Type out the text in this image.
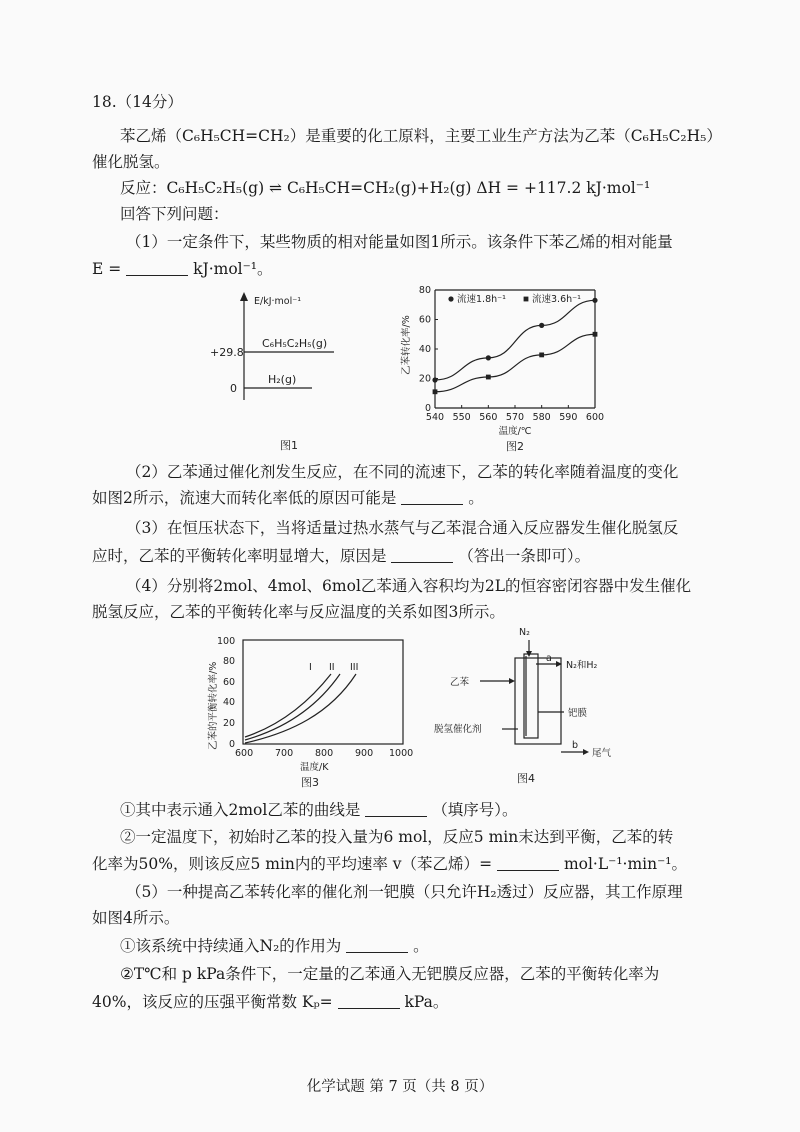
18.（14分）
苯乙烯（C₆H₅CH=CH₂）是重要的化工原料，主要工业生产方法为乙苯（C₆H₅C₂H₅）
催化脱氢。
反应：C₆H₅C₂H₅(g) ⇌ C₆H₅CH=CH₂(g)+H₂(g) ΔH = +117.2 kJ·mol⁻¹
回答下列问题：
（1）一定条件下，某些物质的相对能量如图1所示。该条件下苯乙烯的相对能量
E =	kJ·mol⁻¹。
E/kJ·mol⁻¹
+29.8
C₆H₅C₂H₅(g)
0
H₂(g)
图1
540 550 560 570 580 590 600
0
20
40
60
80
流速1.8h⁻¹	流速3.6h⁻¹
温度/℃
乙苯转化率/%
图2
（2）乙苯通过催化剂发生反应，在不同的流速下，乙苯的转化率随着温度的变化
如图2所示，流速大而转化率低的原因可能是	。
（3）在恒压状态下，当将适量过热水蒸气与乙苯混合通入反应器发生催化脱氢反
应时，乙苯的平衡转化率明显增大，原因是	（答出一条即可）。
（4）分别将2mol、4mol、6mol乙苯通入容积均为2L的恒容密闭容器中发生催化
脱氢反应，乙苯的平衡转化率与反应温度的关系如图3所示。
0
20
40
60
80
100
600 700 800 900 1000
I II III
温度/K
乙苯的平衡转化率/%
图3
N₂
a
N₂和H₂
乙苯
钯膜
脱氢催化剂
b
尾气
图4
①其中表示通入2mol乙苯的曲线是	（填序号）。
②一定温度下，初始时乙苯的投入量为6 mol，反应5 min末达到平衡，乙苯的转
化率为50%，则该反应5 min内的平均速率 v（苯乙烯）=	mol·L⁻¹·min⁻¹。
（5）一种提高乙苯转化率的催化剂一钯膜（只允许H₂透过）反应器，其工作原理
如图4所示。
①该系统中持续通入N₂的作用为	。
②T℃和 p kPa条件下，一定量的乙苯通入无钯膜反应器，乙苯的平衡转化率为
40%，该反应的压强平衡常数 Kₚ=	kPa。
化学试题 第 7 页（共 8 页）
